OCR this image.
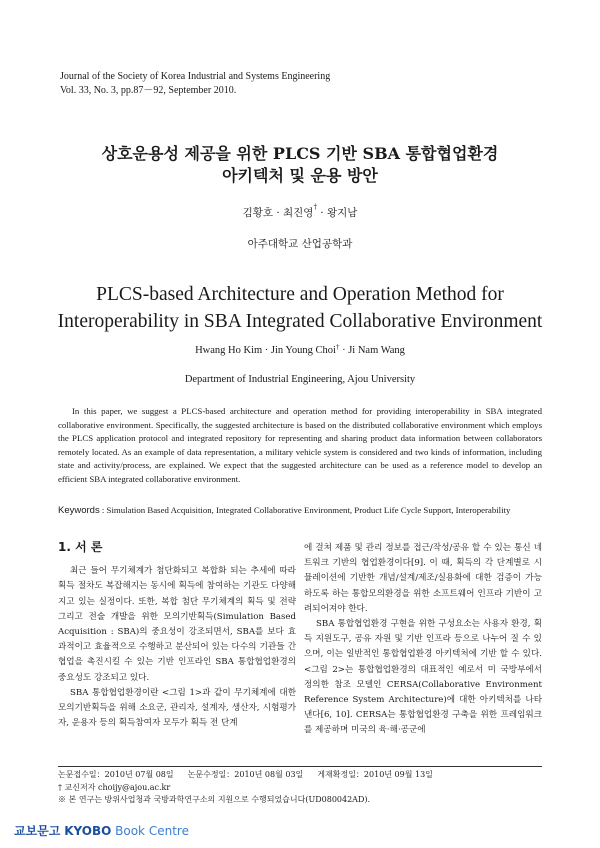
Journal of the Society of Korea Industrial and Systems Engineering
Vol. 33, No. 3, pp.87－92, September 2010.
상호운용성 제공을 위한 PLCS 기반 SBA 통합협업환경
아키텍처 및 운용 방안
김황호 · 최진영† · 왕지남
아주대학교 산업공학과
PLCS-based Architecture and Operation Method for
Interoperability in SBA Integrated Collaborative Environment
Hwang Ho Kim · Jin Young Choi† · Ji Nam Wang
Department of Industrial Engineering, Ajou University
In this paper, we suggest a PLCS-based architecture and operation method for providing interoperability in SBA integrated collaborative environment. Specifically, the suggested architecture is based on the distributed collaborative environment which employs the PLCS application protocol and integrated repository for representing and sharing product data information between collaborators remotely located. As an example of data representation, a military vehicle system is considered and two kinds of information, including state and activity/process, are explained. We expect that the suggested architecture can be used as a reference model to develop an efficient SBA integrated collaborative environment.
Keywords : Simulation Based Acquisition, Integrated Collaborative Environment, Product Life Cycle Support, Interoperability
1. 서 론

최근 들어 무기체계가 첨단화되고 복합화 되는 추세에 따라 획득 절차도 복잡해지는 동시에 획득에 참여하는 기관도 다양해지고 있는 실정이다. 또한, 복합 첨단 무기체계의 획득 및 전략 그리고 전술 개발을 위한 모의기반획득(Simulation Based Acquisition : SBA)의 중요성이 강조되면서, SBA를 보다 효과적이고 효율적으로 수행하고 분산되어 있는 다수의 기관들 간 협업을 촉진시킬 수 있는 기반 인프라인 SBA 통합협업환경의 중요성도 강조되고 있다.

SBA 통합협업환경이란 <그림 1>과 같이 무기체계에 대한 모의기반획득을 위해 소요군, 관리자, 설계자, 생산자, 시험평가자, 운용자 등의 획득참여자 모두가 획득 전 단계

에 걸쳐 제품 및 관리 정보를 접근/작성/공유 할 수 있는 통신 네트워크 기반의 협업환경이다[9]. 이 때, 획득의 각 단계별로 시뮬레이션에 기반한 개념/설계/제조/실용화에 대한 검증이 가능하도록 하는 통합모의환경을 위한 소프트웨어 인프라 기반이 고려되어져야 한다.

SBA 통합협업환경 구현을 위한 구성요소는 사용자 환경, 획득 지원도구, 공유 자원 및 기반 인프라 등으로 나누어 질 수 있으며, 이는 일반적인 통합협업환경 아키텍처에 기반 할 수 있다. <그림 2>는 통합협업환경의 대표적인 예로서 미 국방부에서 정의한 참조 모델인 CERSA(Collaborative Environment Reference System Architecture)에 대한 아키텍처를 나타낸다[6, 10]. CERSA는 통합협업환경 구축을 위한 프레임워크를 제공하며 미국의 육·해·공군에

논문접수일：2010년 07월 08일 논문수정일：2010년 08월 03일 게재확정일：2010년 09월 13일
† 교신저자 choijy@ajou.ac.kr
※ 본 연구는 방위사업청과 국방과학연구소의 지원으로 수행되었습니다(UD080042AD).
교보문고 KYOBO Book Centre
